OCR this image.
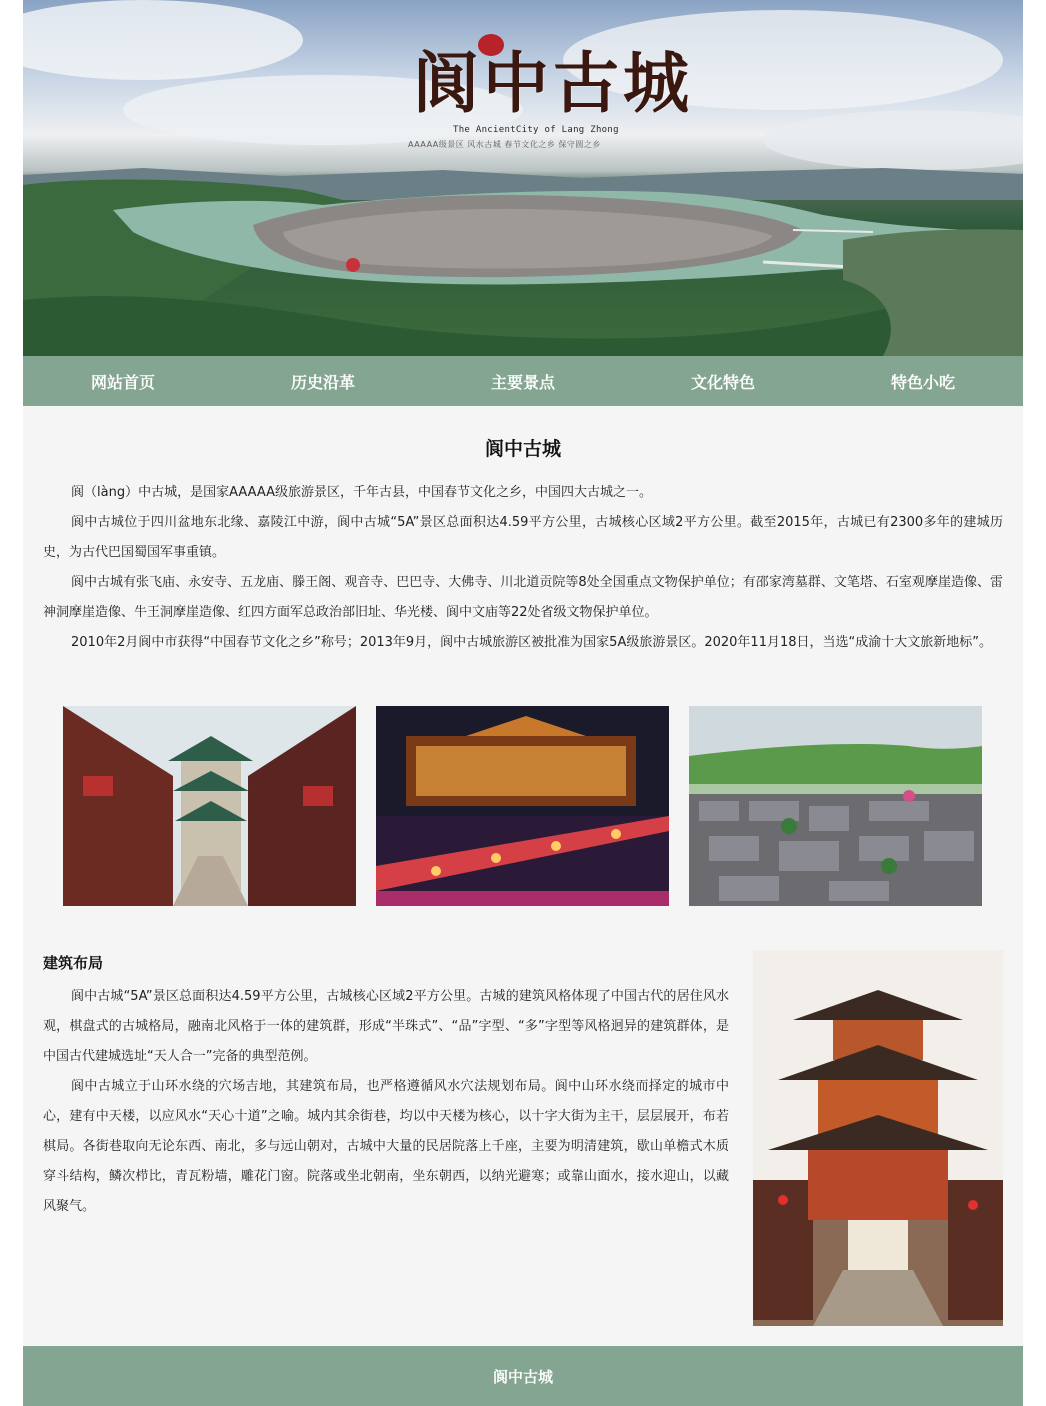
阆中古城
The AncientCity of Lang Zhong
AAAAA级景区 风水古城 春节文化之乡 保守圆之乡
网站首页	历史沿革	主要景点	文化特色	特色小吃
阆中古城

阆（làng）中古城，是国家AAAAA级旅游景区，千年古县，中国春节文化之乡，中国四大古城之一。

阆中古城位于四川盆地东北缘、嘉陵江中游，阆中古城“5A”景区总面积达4.59平方公里，古城核心区域2平方公里。截至2015年，古城已有2300多年的建城历史，为古代巴国蜀国军事重镇。

阆中古城有张飞庙、永安寺、五龙庙、滕王阁、观音寺、巴巴寺、大佛寺、川北道贡院等8处全国重点文物保护单位；有邵家湾墓群、文笔塔、石室观摩崖造像、雷神洞摩崖造像、牛王洞摩崖造像、红四方面军总政治部旧址、华光楼、阆中文庙等22处省级文物保护单位。

2010年2月阆中市获得“中国春节文化之乡”称号；2013年9月，阆中古城旅游区被批准为国家5A级旅游景区。2020年11月18日，当选“成渝十大文旅新地标”。

建筑布局

阆中古城“5A”景区总面积达4.59平方公里，古城核心区域2平方公里。古城的建筑风格体现了中国古代的居住风水观，棋盘式的古城格局，融南北风格于一体的建筑群，形成“半珠式”、“品”字型、“多”字型等风格迥异的建筑群体，是中国古代建城选址“天人合一”完备的典型范例。

阆中古城立于山环水绕的穴场吉地，其建筑布局，也严格遵循风水穴法规划布局。阆中山环水绕而择定的城市中心，建有中天楼，以应风水“天心十道”之喻。城内其余街巷，均以中天楼为核心，以十字大街为主干，层层展开，布若棋局。各街巷取向无论东西、南北，多与远山朝对，古城中大量的民居院落上千座，主要为明清建筑，歇山单檐式木质穿斗结构，鳞次栉比，青瓦粉墙，雕花门窗。院落或坐北朝南，坐东朝西，以纳光避寒；或靠山面水，接水迎山，以藏风聚气。

阆中古城
